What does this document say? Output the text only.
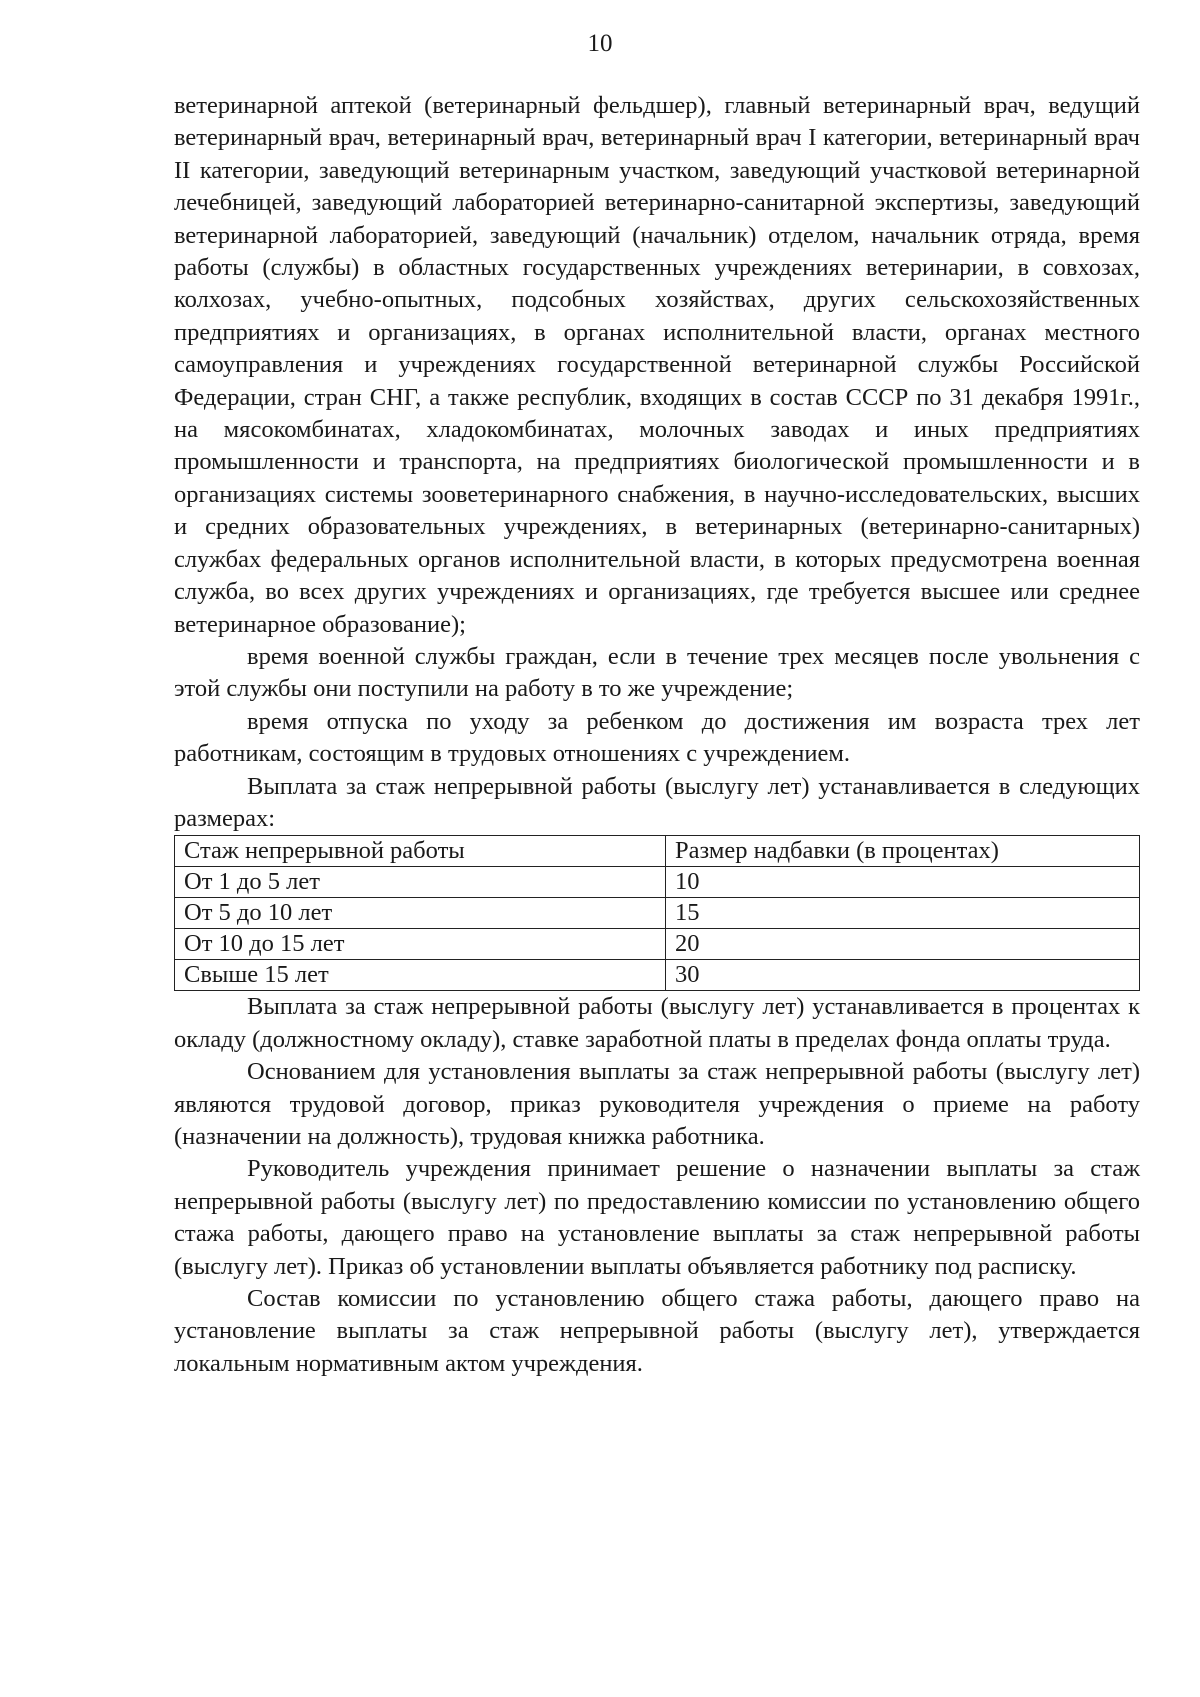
10

ветеринарной аптекой (ветеринарный фельдшер), главный ветеринарный врач, ведущий ветеринарный врач, ветеринарный врач, ветеринарный врач I категории, ветеринарный врач II категории, заведующий ветеринарным участком, заведующий участковой ветеринарной лечебницей, заведующий лабораторией ветеринарно-санитарной экспертизы, заведующий ветеринарной лабораторией, заведующий (начальник) отделом, начальник отряда, время работы (службы) в областных государственных учреждениях ветеринарии, в совхозах, колхозах, учебно-опытных, подсобных хозяйствах, других сельскохозяйственных предприятиях и организациях, в органах исполнительной власти, органах местного самоуправления и учреждениях государственной ветеринарной службы Российской Федерации, стран СНГ, а также республик, входящих в состав СССР по 31 декабря 1991г., на мясокомбинатах, хладокомбинатах, молочных заводах и иных предприятиях промышленности и транспорта, на предприятиях биологической промышленности и в организациях системы зооветеринарного снабжения, в научно-исследовательских, высших и средних образовательных учреждениях, в ветеринарных (ветеринарно-санитарных) службах федеральных органов исполнительной власти, в которых предусмотрена военная служба, во всех других учреждениях и организациях, где требуется высшее или среднее ветеринарное образование);

время военной службы граждан, если в течение трех месяцев после увольнения с этой службы они поступили на работу в то же учреждение;

время отпуска по уходу за ребенком до достижения им возраста трех лет работникам, состоящим в трудовых отношениях с учреждением.

Выплата за стаж непрерывной работы (выслугу лет) устанавливается в следующих размерах:

Стаж непрерывной работы	Размер надбавки (в процентах)
От 1 до 5 лет	10
От 5 до 10 лет	15
От 10 до 15 лет	20
Свыше 15 лет	30

Выплата за стаж непрерывной работы (выслугу лет) устанавливается в процентах к окладу (должностному окладу), ставке заработной платы в пределах фонда оплаты труда.

Основанием для установления выплаты за стаж непрерывной работы (выслугу лет) являются трудовой договор, приказ руководителя учреждения о приеме на работу (назначении на должность), трудовая книжка работника.

Руководитель учреждения принимает решение о назначении выплаты за стаж непрерывной работы (выслугу лет) по предоставлению комиссии по установлению общего стажа работы, дающего право на установление выплаты за стаж непрерывной работы (выслугу лет). Приказ об установлении выплаты объявляется работнику под расписку.

Состав комиссии по установлению общего стажа работы, дающего право на установление выплаты за стаж непрерывной работы (выслугу лет), утверждается локальным нормативным актом учреждения.
